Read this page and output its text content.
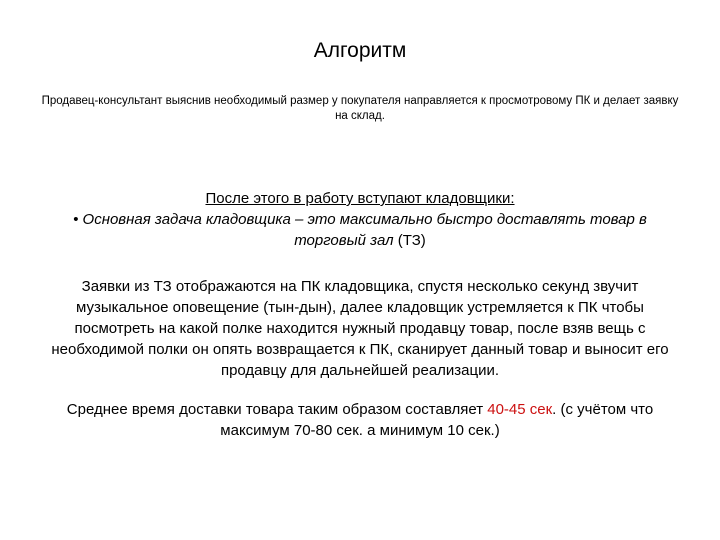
Алгоритм
Продавец-консультант выяснив необходимый размер у покупателя направляется к просмотровому ПК и делает заявку на склад.
После этого в работу вступают кладовщики:
• Основная задача кладовщика – это максимально быстро доставлять товар в торговый зал (ТЗ)
Заявки из ТЗ отображаются на ПК кладовщика, спустя несколько секунд звучит музыкальное оповещение (тын-дын), далее кладовщик устремляется к ПК чтобы посмотреть на какой полке находится нужный продавцу товар, после взяв вещь с необходимой полки он опять возвращается к ПК, сканирует данный товар и выносит его продавцу для дальнейшей реализации.
Среднее время доставки товара таким образом составляет 40-45 сек. (с учётом что максимум 70-80 сек. а минимум 10 сек.)
